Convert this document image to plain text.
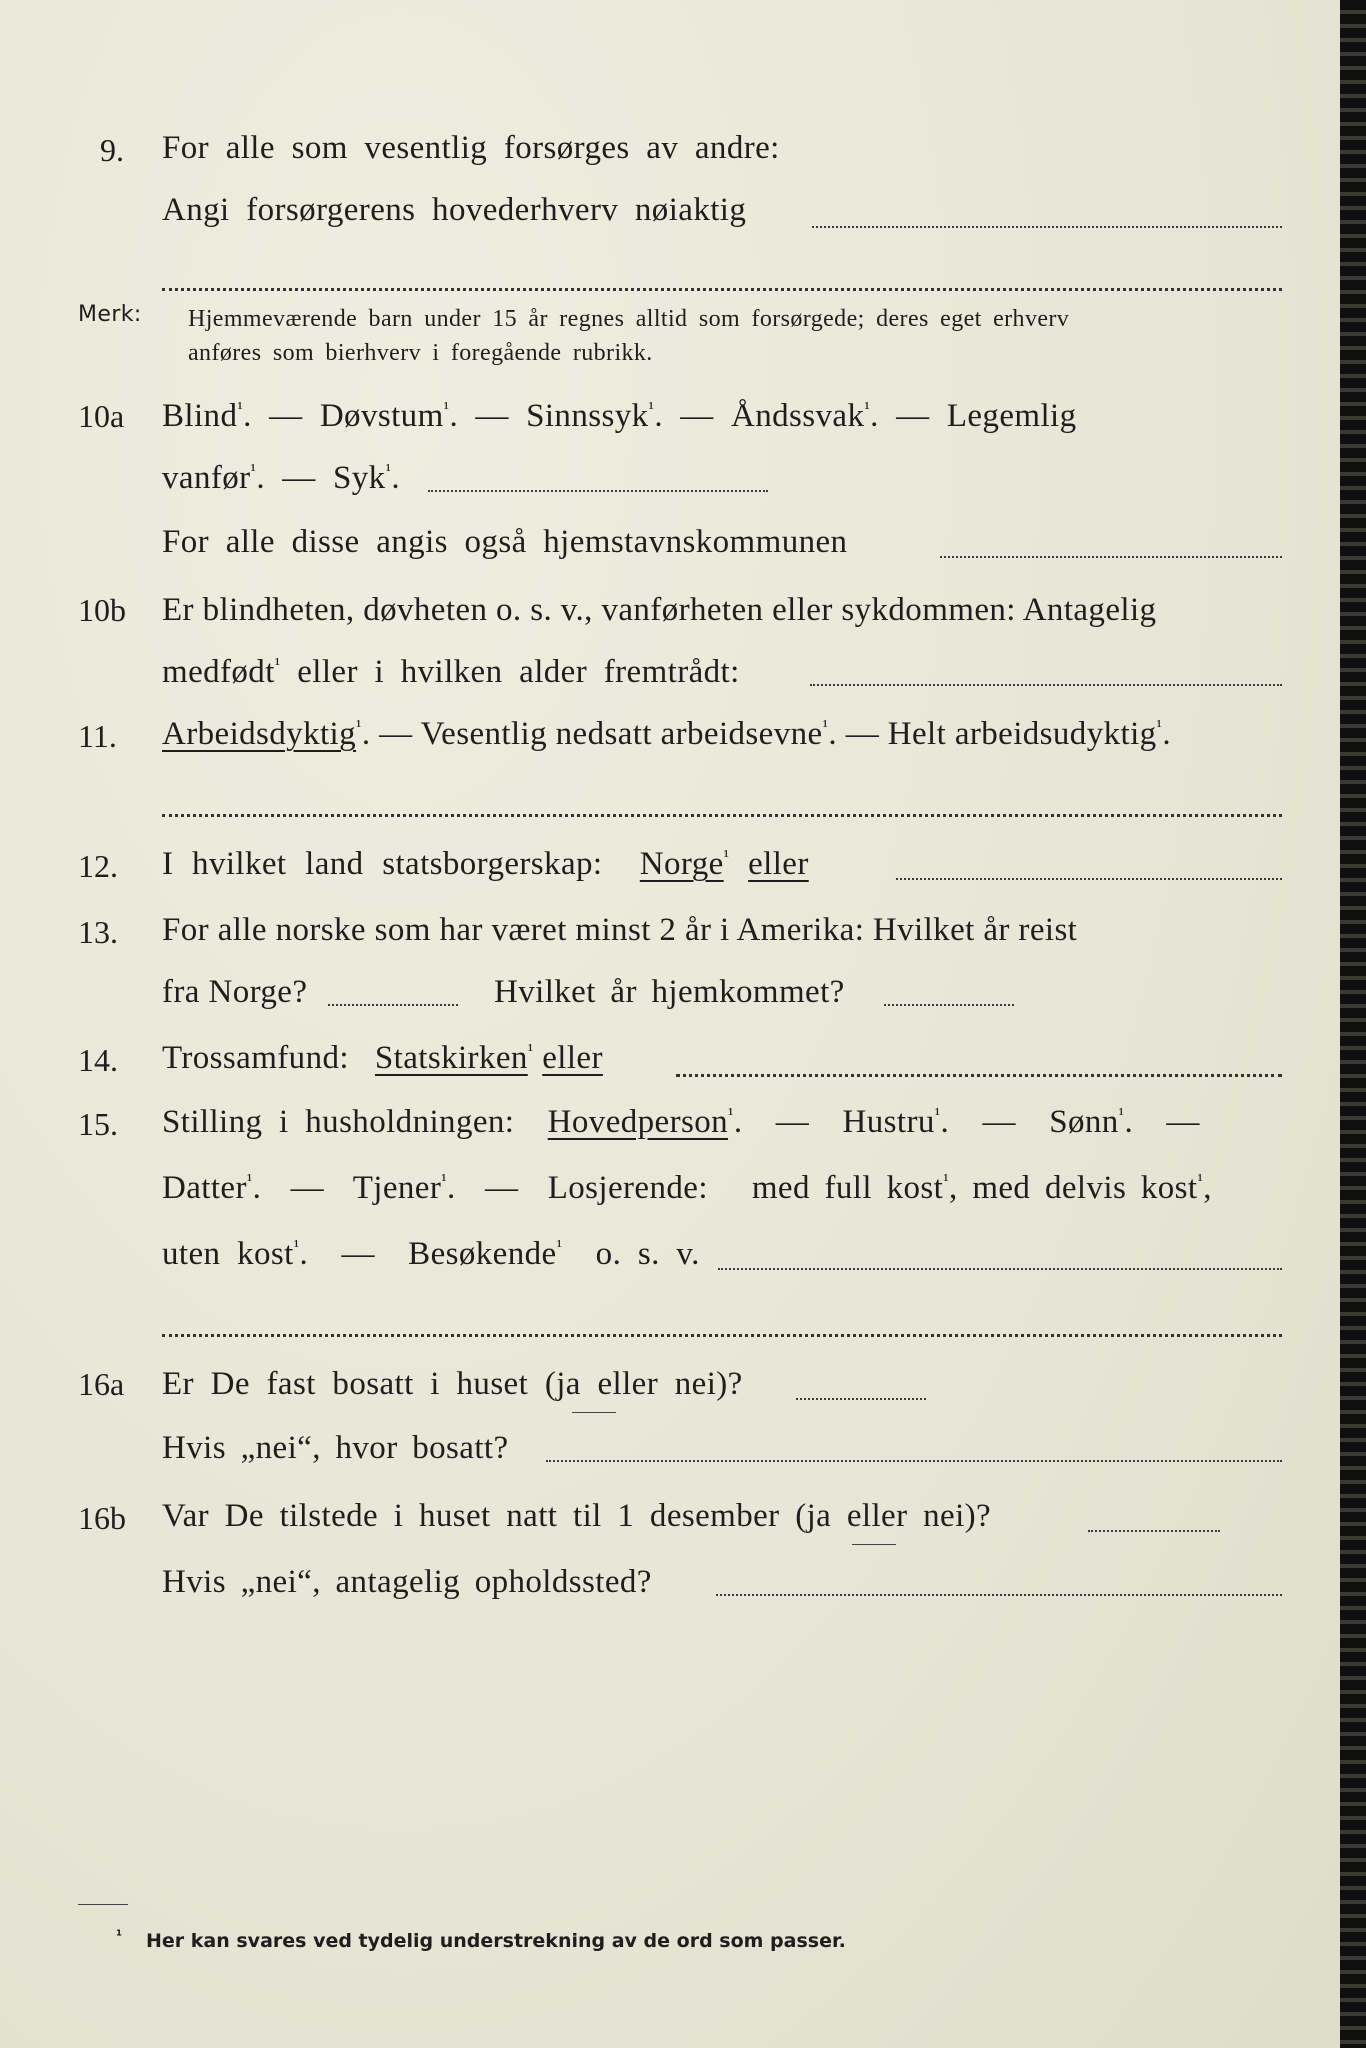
9. For alle som vesentlig forsørges av andre:
Angi forsørgerens hovederhverv nøiaktig
Merk: Hjemmeværende barn under 15 år regnes alltid som forsørgede; deres eget erhverv
anføres som bierhverv i foregående rubrikk.
10a Blind$^{^1}$.  — Døvstum$^{^1}$.  — Sinnssyk$^{^1}$.  — Åndssvak$^{^1}$.  — Legemlig
vanfør$^{^1}$.  — Syk$^{^1}$.
For alle disse angis også hjemstavnskommunen
10b Er blindheten, døvheten o. s. v., vanførheten eller sykdommen: Antagelig
medfødt$^{^1}$ eller i hvilken alder fremtrådt:
11. Arbeidsdyktig$^{^1}$. — Vesentlig nedsatt arbeidsevne$^{^1}$. — Helt arbeidsudyktig$^{^1}$.
12. I hvilket land statsborgerskap: Norge$^{^1}$ eller
13. For alle norske som har været minst 2 år i Amerika: Hvilket år reist
fra Norge?	Hvilket år hjemkommet?
14. Trossamfund: Statskirken$^{^1}$ eller
15. Stilling i husholdningen: Hovedperson$^{^1}$.  — Hustru$^{^1}$.  — Sønn$^{^1}$.  —
Datter$^{^1}$.  — Tjener$^{^1}$.  — Losjerende: med full kost$^{^1}$, med delvis kost$^{^1}$,
uten kost$^{^1}$.  — Besøkende$^{^1}$ o. s. v.
16a Er De fast bosatt i huset (ja eller nei)?
Hvis „nei“, hvor bosatt?
16b Var De tilstede i huset natt til 1 desember (ja eller nei)?
Hvis „nei“, antagelig opholdssted?
¹ Her kan svares ved tydelig understrekning av de ord som passer.
